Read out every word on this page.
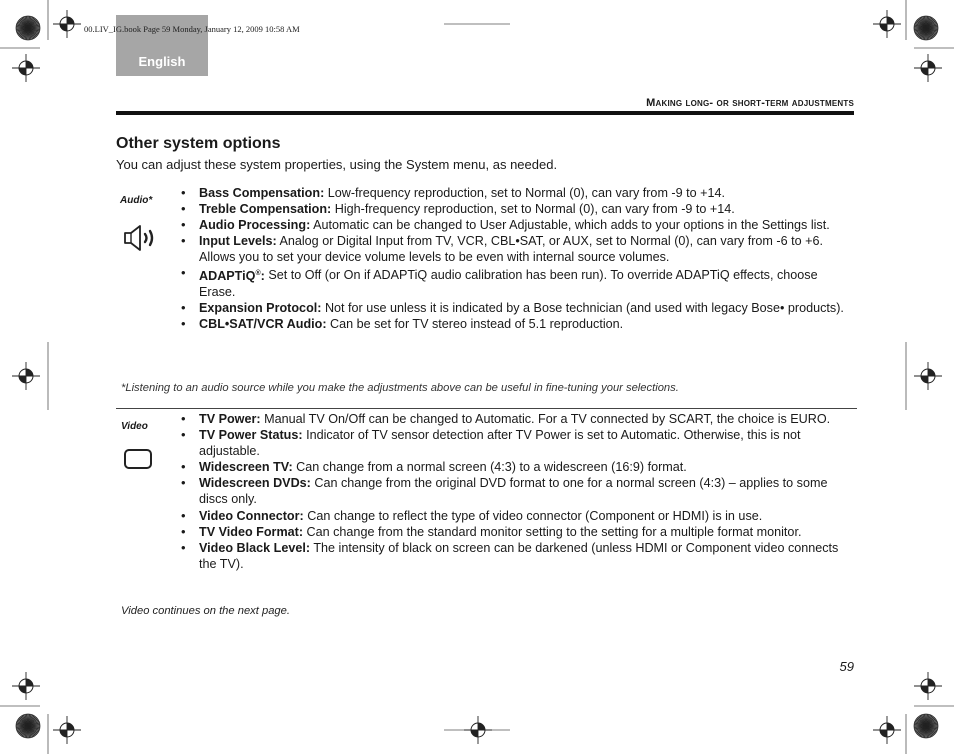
English
00.LIV_IG.book Page 59 Monday, January 12, 2009 10:58 AM
Making long- or short-term adjustments
Other system options
You can adjust these system properties, using the System menu, as needed.
Audio*
• Bass Compensation: Low-frequency reproduction, set to Normal (0), can vary from -9 to +14.
• Treble Compensation: High-frequency reproduction, set to Normal (0), can vary from -9 to +14.
• Audio Processing: Automatic can be changed to User Adjustable, which adds to your options in the Settings list.
• Input Levels: Analog or Digital Input from TV, VCR, CBL•SAT, or AUX, set to Normal (0), can vary from -6 to +6. Allows you to set your device volume levels to be even with internal source volumes.
• ADAPTiQ®: Set to Off (or On if ADAPTiQ audio calibration has been run). To override ADAPTiQ effects, choose Erase.
• Expansion Protocol: Not for use unless it is indicated by a Bose technician (and used with legacy Bose• products).
• CBL•SAT/VCR Audio: Can be set for TV stereo instead of 5.1 reproduction.
*Listening to an audio source while you make the adjustments above can be useful in fine-tuning your selections.
Video
• TV Power: Manual TV On/Off can be changed to Automatic. For a TV connected by SCART, the choice is EURO.
• TV Power Status: Indicator of TV sensor detection after TV Power is set to Automatic. Otherwise, this is not adjustable.
• Widescreen TV: Can change from a normal screen (4:3) to a widescreen (16:9) format.
• Widescreen DVDs: Can change from the original DVD format to one for a normal screen (4:3) – applies to some discs only.
• Video Connector: Can change to reflect the type of video connector (Component or HDMI) is in use.
• TV Video Format: Can change from the standard monitor setting to the setting for a multiple format monitor.
• Video Black Level: The intensity of black on screen can be darkened (unless HDMI or Component video connects the TV).
Video continues on the next page.
59
